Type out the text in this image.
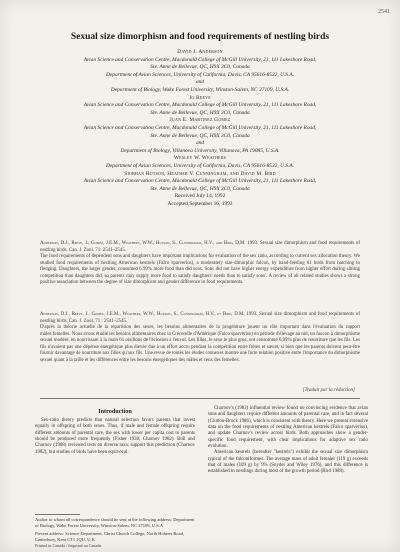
2541
Sexual size dimorphism and food requirements of nestling birds
David J. Anderson
Avian Science and Conservation Centre, Macdonald College of McGill University, 21, 111 Lakeshore Road,
Ste. Anne de Bellevue, QC, H9X 3C0, Canada
Department of Avian Sciences, University of California, Davis, CA 95616-8532, U.S.A.
and
Department of Biology, Wake Forest University, Winston-Salem, NC 27109, U.S.A.
Jo Reeve
Avian Science and Conservation Centre, Macdonald College of McGill University, 21, 111 Lakeshore Road,
Ste. Anne de Bellevue, QC, H9X 3C0, Canada
Juan E. Martinez Gomez
Avian Science and Conservation Centre, Macdonald College of McGill University, 21, 111 Lakeshore Road,
Ste. Anne de Bellevue, QC, H9X 3C0, Canada
and
Department of Biology, Villanova University, Villanova, PA 19085, U.S.A.
Wesley W. Weathers
Department of Avian Sciences, University of California, Davis, CA 95616-8532, U.S.A.
Siobhan Hutson, Heather V. Cunningham, and David M. Bird
Avian Science and Conservation Centre, Macdonald College of McGill University, 21, 111 Lakeshore Road,
Ste. Anne de Bellevue, QC, H9X 3C0, Canada
Received July 14, 1992
Accepted September 16, 1993

Anderson, D.J., Reeve, J., Gomez, J.E.M., Weathers, W.W., Hutson, S., Cunningham, H.V., and Bird, D.M. 1993. Sexual size dimorphism and food requirements of nestling birds. Can. J. Zool. 71: 2541–2545.

The food requirements of dependent sons and daughters have important implications for evaluation of the sex ratio, according to current sex allocation theory. We studied food requirements of nestling American kestrels (Falco sparverius), a moderately size-dimorphic falcon, by hand-feeding 61 birds from hatching to fledging. Daughters, the larger gender, consumed 6.99% more food than did sons. Sons did not have higher energy expenditure from higher effort during sibling competition than daughters did, so parents may supply more food to satisfy daughters' needs than to satisfy sons'. A review of all related studies shows a strong positive association between the degree of size dimorphism and gender difference in food requirements.

Anderson, D.J., Reeve, J., Gomez, J.E.M., Weathers, W.W., Hutson, S., Cunningham, H.V., et Bird, D.M. 1993. Sexual size dimorphism and food requirements of nestling birds. Can. J. Zool. 71 : 2541–2545.

D'après la théorie actuelle de la répartition des sexes, les besoins alimentaires de la progéniture jouent un rôle important dans l'évaluation du rapport mâles:femelles. Nous avons étudié les besoins alimentaires chez la Crécerelle d'Amérique (Falco sparverius) en période d'élevage au nid, un faucon à dimorphisme sexuel modéré, en nourrissant à la main 61 oisillons de l'éclosion à l'envol. Les filles, le sexe le plus gros, ont consommé 6,99% plus de nourriture que les fils. Les fils n'avaient pas une dépense énergétique plus élevée due à un effort accru pendant la compétition entre frères et sœurs, si bien que les parents doivent peut-être fournir davantage de nourriture aux filles qu'aux fils. Une revue de toutes les études connexes montre une forte relation positive entre l'importance du dimorphisme sexuel quant à la taille et les différences entre les besoins énergétiques des mâles et ceux des femelles.

[Traduit par la rédaction]
Introduction

Sex-ratio theory predicts that natural selection favors parents that invest equally in offspring of both sexes. Thus, if male and female offspring require different amounts of parental care, the sex with lower per capita cost to parents should be produced more frequently (Fisher 1930; Charnov 1982). Bull and Charnov (1988) reviewed tests on diverse taxa; support this prediction (Charnov 1982), but studies of birds have been equivocal.

Charnov's (1982) influential review found no convincing evidence that avian sons and daughters require different amounts of parental care, and in fact several (Clutton-Brock 1986), which is consistent with theory. Here we present extensive data on the food requirements of nestling American kestrels (Falco sparverius), and update Charnov's review across birds. Both approaches show a gender-specific food requirement, with clear implications for adaptive sex ratio evolution.

American kestrels (hereafter "kestrels") exhibit the sexual size dimorphism typical of the falconiformes. The average mass of adult females (119 g) exceeds that of males (109 g) by 9% (Snyder and Wiley 1976), and this difference is established in nestlings during most of the growth period (Bird 1988).

Author to whom all correspondence should be sent at the following address: Department of Biology, Wake Forest University, Winston-Salem, NC 27109, U.S.A.
Present address: Science Department, Christ Church College, North Holmes Road, Canterbury, Kent CT1 1QU, U.K.
Printed in Canada / Imprimé au Canada
